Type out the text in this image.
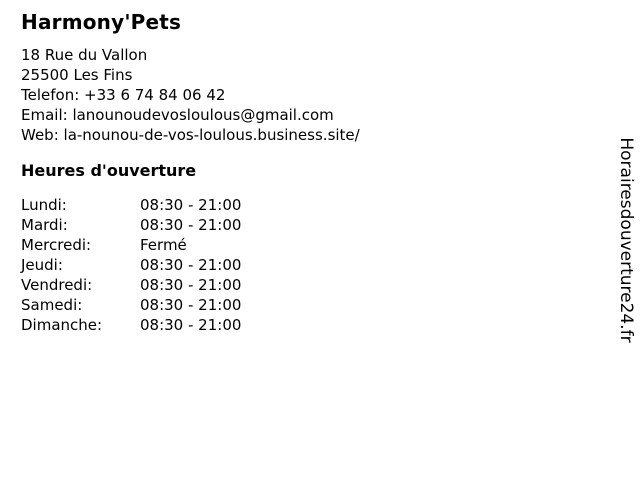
Harmony'Pets
18 Rue du Vallon
25500 Les Fins
Telefon: +33 6 74 84 06 42
Email: lanounoudevosloulous@gmail.com
Web: la-nounou-de-vos-loulous.business.site/
Heures d'ouverture
Lundi:	08:30 - 21:00
Mardi:	08:30 - 21:00
Mercredi:	Fermé
Jeudi:	08:30 - 21:00
Vendredi:	08:30 - 21:00
Samedi:	08:30 - 21:00
Dimanche:	08:30 - 21:00	Horairesdouverture24.fr
